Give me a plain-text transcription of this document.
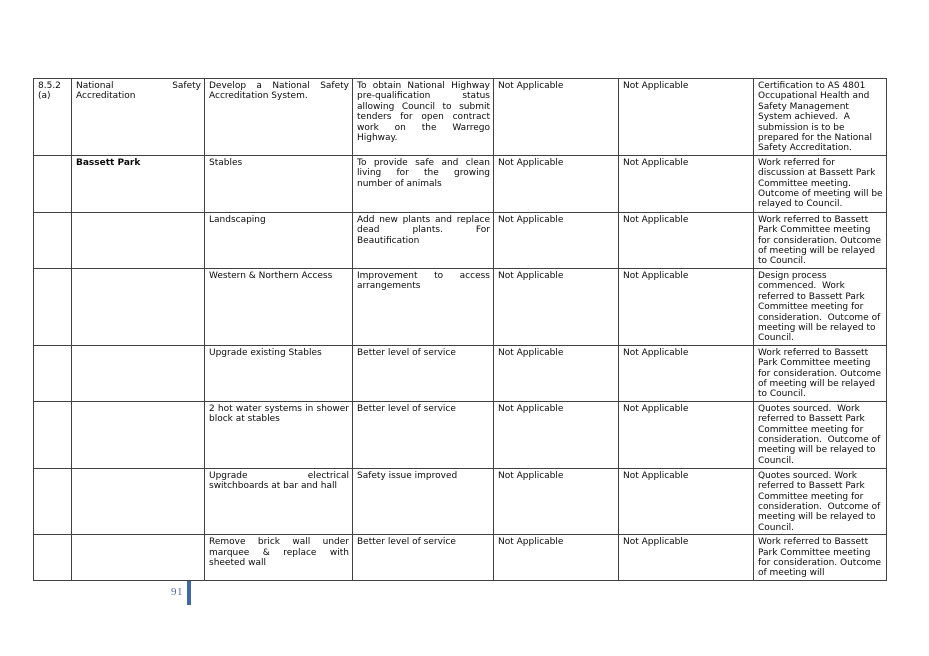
8.5.2 (a)	National Safety Accreditation	Develop a National Safety Accreditation System.	To obtain National Highway pre-qualification status allowing Council to submit tenders for open contract work on the Warrego Highway.	Not Applicable	Not Applicable	Certification to AS 4801 Occupational Health and Safety Management System achieved.  A submission is to be prepared for the National Safety Accreditation.
	Bassett Park	Stables	To provide safe and clean living for the growing number of animals	Not Applicable	Not Applicable	Work referred for discussion at Bassett Park Committee meeting. Outcome of meeting will be relayed to Council.
		Landscaping	Add new plants and replace dead plants. For Beautification	Not Applicable	Not Applicable	Work referred to Bassett Park Committee meeting for consideration. Outcome of meeting will be relayed to Council.
		Western & Northern Access	Improvement to access arrangements	Not Applicable	Not Applicable	Design process commenced.  Work referred to Bassett Park Committee meeting for consideration.  Outcome of meeting will be relayed to Council.
		Upgrade existing Stables	Better level of service	Not Applicable	Not Applicable	Work referred to Bassett Park Committee meeting for consideration. Outcome of meeting will be relayed to Council.
		2 hot water systems in shower block at stables	Better level of service	Not Applicable	Not Applicable	Quotes sourced.  Work referred to Bassett Park Committee meeting for consideration.  Outcome of meeting will be relayed to Council.
		Upgrade electrical switchboards at bar and hall	Safety issue improved	Not Applicable	Not Applicable	Quotes sourced. Work referred to Bassett Park Committee meeting for consideration.  Outcome of meeting will be relayed to Council.
		Remove brick wall under marquee & replace with sheeted wall	Better level of service	Not Applicable	Not Applicable	Work referred to Bassett Park Committee meeting for consideration. Outcome of meeting will
91
